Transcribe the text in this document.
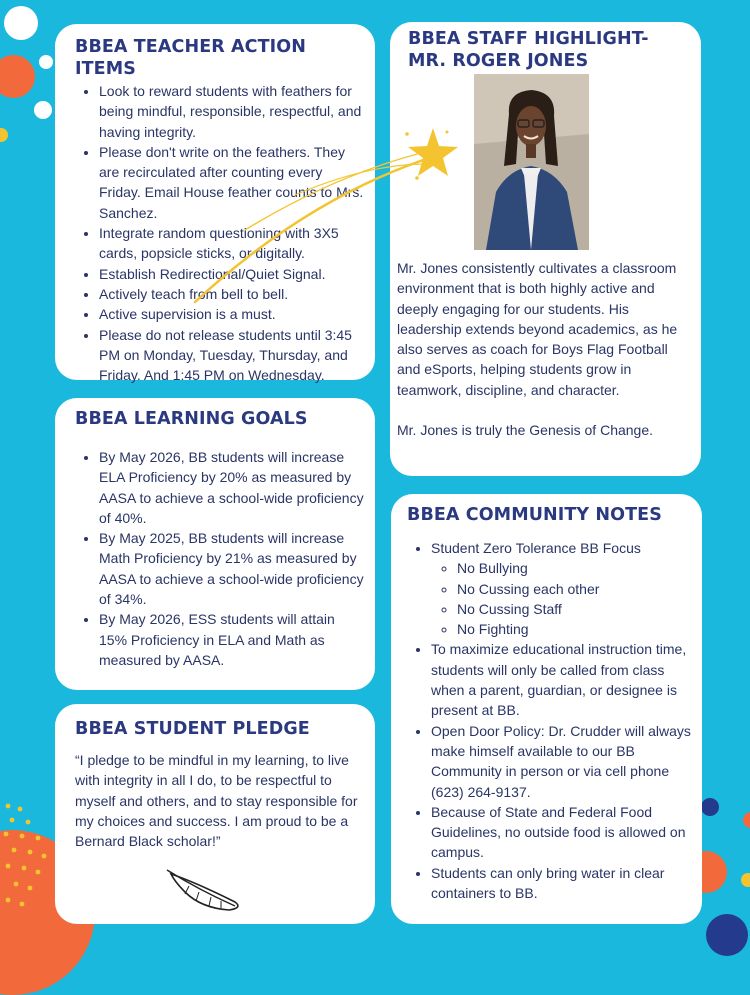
BBEA TEACHER ACTION ITEMS
• Look to reward students with feathers for being mindful, responsible, respectful, and having integrity.
• Please don't write on the feathers. They are recirculated after counting every Friday. Email House feather counts to Mrs. Sanchez.
• Integrate random questioning with 3X5 cards, popsicle sticks, or digitally.
• Establish Redirectional/Quiet Signal.
• Actively teach from bell to bell.
• Active supervision is a must.
• Please do not release students until 3:45 PM on Monday, Tuesday, Thursday, and Friday. And 1:45 PM on Wednesday.
BBEA STAFF HIGHLIGHT-
MR. ROGER JONES

Mr. Jones consistently cultivates a classroom environment that is both highly active and deeply engaging for our students. His leadership extends beyond academics, as he also serves as coach for Boys Flag Football and eSports, helping students grow in teamwork, discipline, and character.

Mr. Jones is truly the Genesis of Change.

BBEA LEARNING GOALS
• By May 2026, BB students will increase ELA Proficiency by 20% as measured by AASA to achieve a school-wide proficiency of 40%.
• By May 2025, BB students will increase Math Proficiency by 21% as measured by AASA to achieve a school-wide proficiency of 34%.
• By May 2026, ESS students will attain 15% Proficiency in ELA and Math as measured by AASA.
BBEA STUDENT PLEDGE

“I pledge to be mindful in my learning, to live with integrity in all I do, to be respectful to myself and others, and to stay responsible for my choices and success. I am proud to be a Bernard Black scholar!”

BBEA COMMUNITY NOTES
• Student Zero Tolerance BB Focus
◦ No Bullying
◦ No Cussing each other
◦ No Cussing Staff
◦ No Fighting
• To maximize educational instruction time, students will only be called from class when a parent, guardian, or designee is present at BB.
• Open Door Policy: Dr. Crudder will always make himself available to our BB Community in person or via cell phone (623) 264-9137.
• Because of State and Federal Food Guidelines, no outside food is allowed on campus.
• Students can only bring water in clear containers to BB.
